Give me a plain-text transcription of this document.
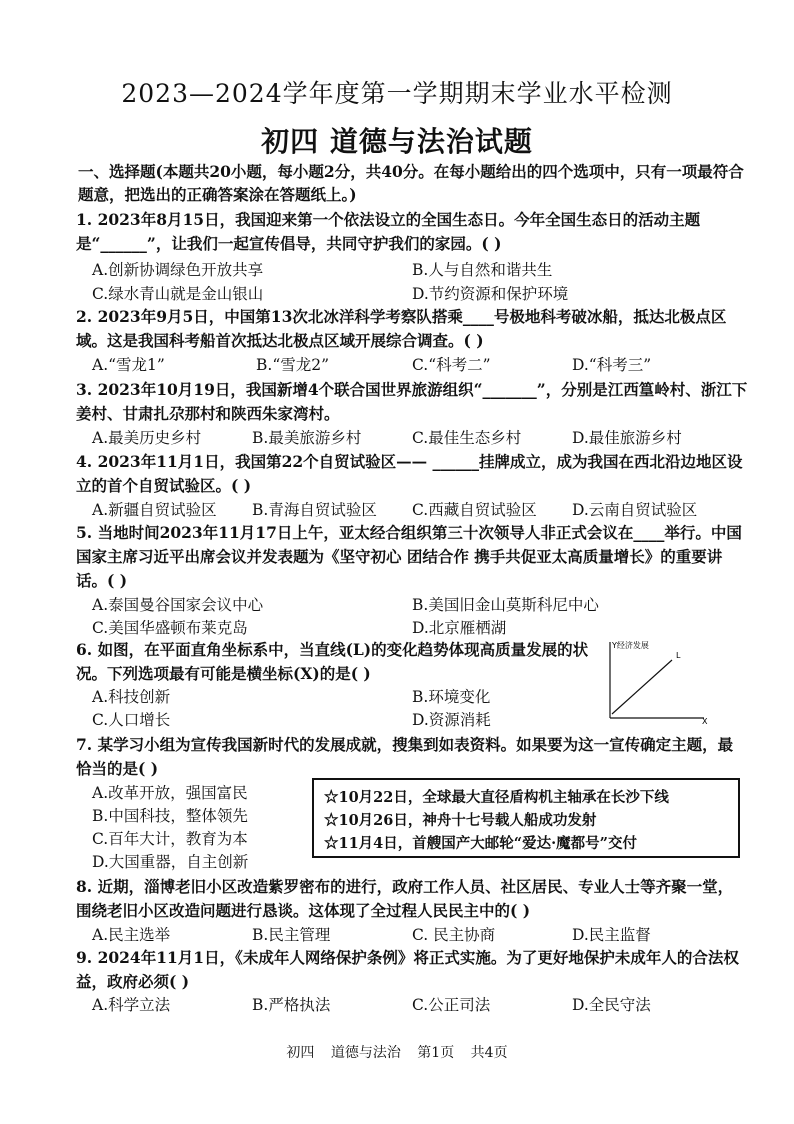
2023—2024学年度第一学期期末学业水平检测
初四 道德与法治试题
一、选择题(本题共20小题，每小题2分，共40分。在每小题给出的四个选项中，只有一项最符合题意，把选出的正确答案涂在答题纸上。)
1. 2023年8月15日，我国迎来第一个依法设立的全国生态日。今年全国生态日的活动主题是“______”，让我们一起宣传倡导，共同守护我们的家园。( )
A.创新协调绿色开放共享	B.人与自然和谐共生
C.绿水青山就是金山银山	D.节约资源和保护环境
2. 2023年9月5日，中国第13次北冰洋科学考察队搭乘____号极地科考破冰船，抵达北极点区域。这是我国科考船首次抵达北极点区域开展综合调查。( )
A.“雪龙1”	B.“雪龙2”	C.“科考二”	D.“科考三”
3. 2023年10月19日，我国新增4个联合国世界旅游组织“_______”，分别是江西篁岭村、浙江下姜村、甘肃扎尕那村和陕西朱家湾村。
A.最美历史乡村	B.最美旅游乡村	C.最佳生态乡村	D.最佳旅游乡村
4. 2023年11月1日，我国第22个自贸试验区—— ______挂牌成立，成为我国在西北沿边地区设立的首个自贸试验区。( )
A.新疆自贸试验区 B.青海自贸试验区 C.西藏自贸试验区 D.云南自贸试验区
5. 当地时间2023年11月17日上午，亚太经合组织第三十次领导人非正式会议在____举行。中国国家主席习近平出席会议并发表题为《坚守初心 团结合作 携手共促亚太高质量增长》的重要讲话。( )
A.泰国曼谷国家会议中心	B.美国旧金山莫斯科尼中心
C.美国华盛顿布莱克岛	D.北京雁栖湖
6. 如图，在平面直角坐标系中，当直线(L)的变化趋势体现高质量发展的状况。下列选项最有可能是横坐标(X)的是( )
A.科技创新	B.环境变化
C.人口增长	D.资源消耗
Y经济发展
L
X
7. 某学习小组为宣传我国新时代的发展成就，搜集到如表资料。如果要为这一宣传确定主题，最恰当的是( )
A.改革开放，强国富民
B.中国科技，整体领先
C.百年大计，教育为本
D.大国重器，自主创新
☆10月22日，全球最大直径盾构机主轴承在长沙下线
☆10月26日，神舟十七号载人船成功发射
☆11月4日，首艘国产大邮轮“爱达·魔都号”交付
8. 近期，淄博老旧小区改造紫罗密布的进行，政府工作人员、社区居民、专业人士等齐聚一堂，围绕老旧小区改造问题进行恳谈。这体现了全过程人民民主中的( )
A.民主选举	B.民主管理	C. 民主协商	D.民主监督
9. 2024年11月1日，《未成年人网络保护条例》将正式实施。为了更好地保护未成年人的合法权益，政府必须( )
A.科学立法	B.严格执法	C.公正司法	D.全民守法
初四 道德与法治 第1页 共4页
